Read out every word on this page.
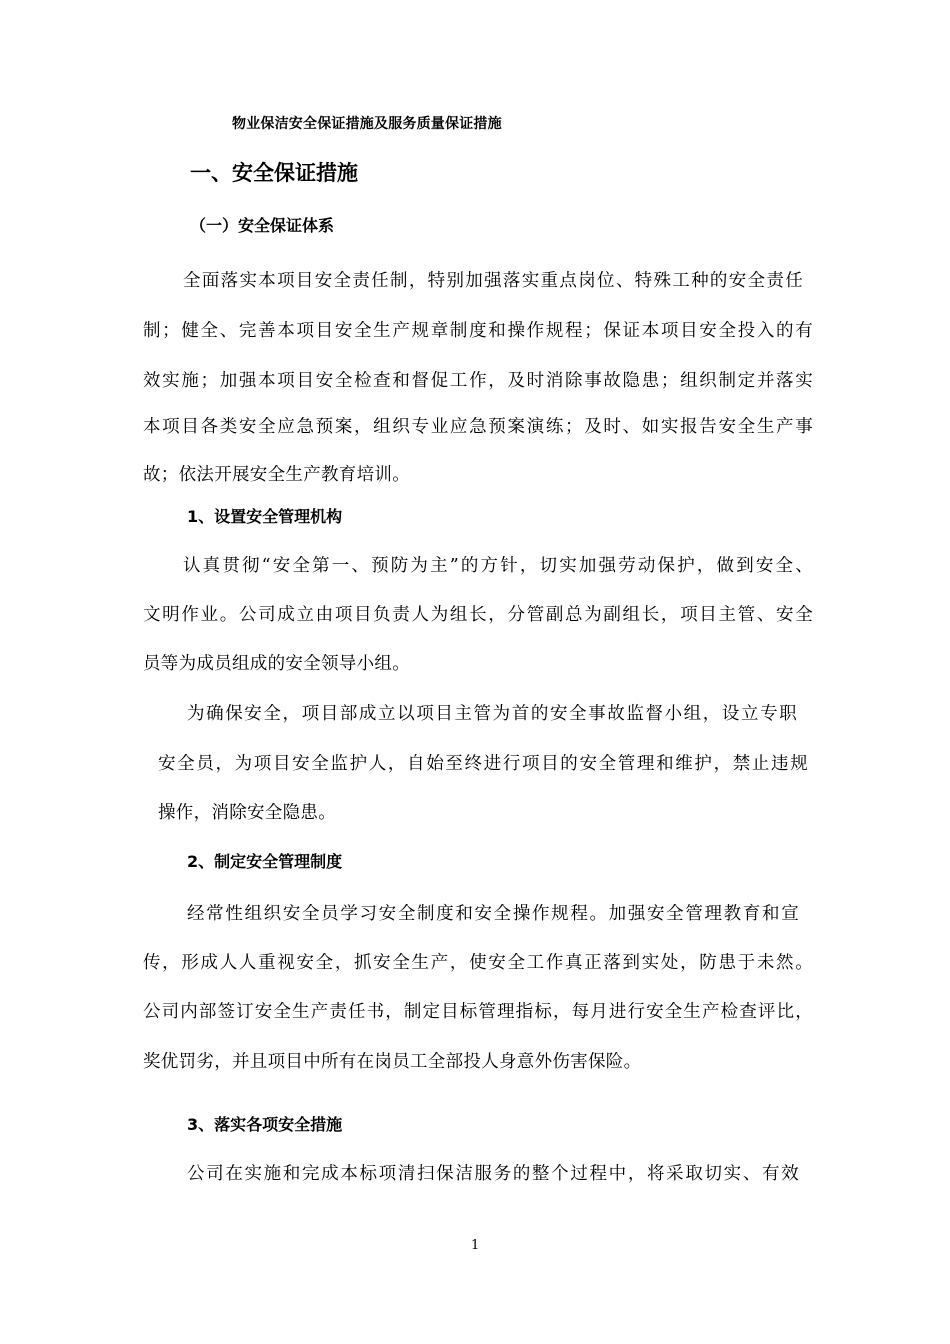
物业保洁安全保证措施及服务质量保证措施
一、安全保证措施
（一）安全保证体系
全面落实本项目安全责任制，特别加强落实重点岗位、特殊工种的安全责任
制；健全、完善本项目安全生产规章制度和操作规程；保证本项目安全投入的有
效实施；加强本项目安全检查和督促工作，及时消除事故隐患；组织制定并落实
本项目各类安全应急预案，组织专业应急预案演练；及时、如实报告安全生产事
故；依法开展安全生产教育培训。
1、设置安全管理机构
认真贯彻“安全第一、预防为主”的方针，切实加强劳动保护，做到安全、
文明作业。公司成立由项目负责人为组长，分管副总为副组长，项目主管、安全
员等为成员组成的安全领导小组。
为确保安全，项目部成立以项目主管为首的安全事故监督小组，设立专职
安全员，为项目安全监护人，自始至终进行项目的安全管理和维护，禁止违规
操作，消除安全隐患。
2、制定安全管理制度
经常性组织安全员学习安全制度和安全操作规程。加强安全管理教育和宣
传，形成人人重视安全，抓安全生产，使安全工作真正落到实处，防患于未然。
公司内部签订安全生产责任书，制定目标管理指标，每月进行安全生产检查评比，
奖优罚劣，并且项目中所有在岗员工全部投人身意外伤害保险。
3、落实各项安全措施
公司在实施和完成本标项清扫保洁服务的整个过程中，将采取切实、有效
1
